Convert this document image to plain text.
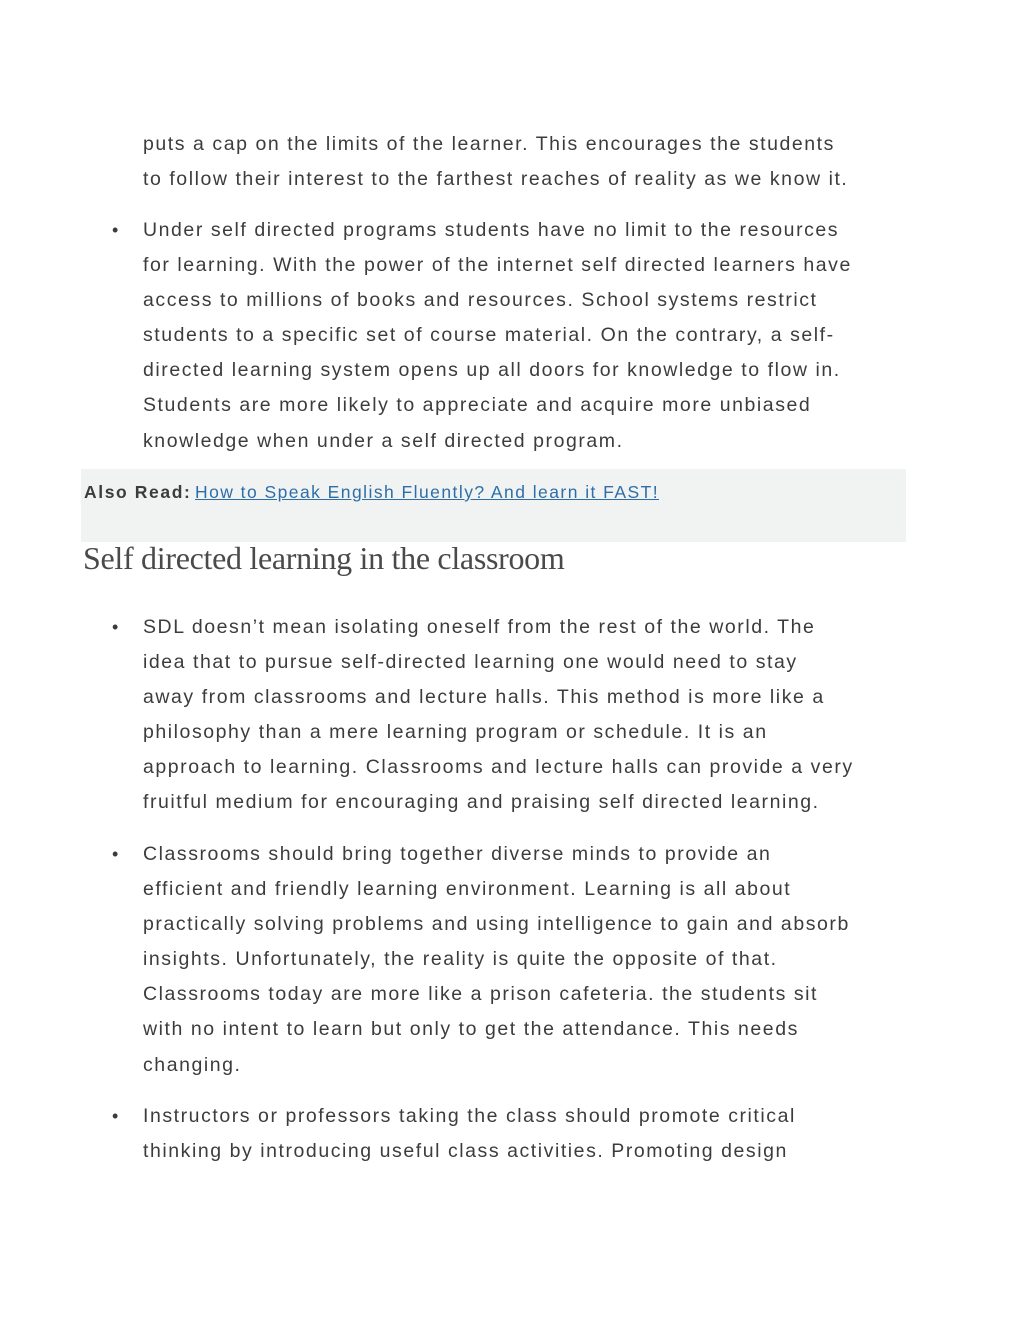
puts a cap on the limits of the learner. This encourages the students
to follow their interest to the farthest reaches of reality as we know it.
• Under self directed programs students have no limit to the resources
for learning. With the power of the internet self directed learners have
access to millions of books and resources. School systems restrict
students to a specific set of course material. On the contrary, a self-
directed learning system opens up all doors for knowledge to flow in.
Students are more likely to appreciate and acquire more unbiased
knowledge when under a self directed program.
Also Read: How to Speak English Fluently? And learn it FAST!
Self directed learning in the classroom
• SDL doesn’t mean isolating oneself from the rest of the world. The
idea that to pursue self-directed learning one would need to stay
away from classrooms and lecture halls. This method is more like a
philosophy than a mere learning program or schedule. It is an
approach to learning. Classrooms and lecture halls can provide a very
fruitful medium for encouraging and praising self directed learning.
• Classrooms should bring together diverse minds to provide an
efficient and friendly learning environment. Learning is all about
practically solving problems and using intelligence to gain and absorb
insights. Unfortunately, the reality is quite the opposite of that.
Classrooms today are more like a prison cafeteria. the students sit
with no intent to learn but only to get the attendance. This needs
changing.
• Instructors or professors taking the class should promote critical
thinking by introducing useful class activities. Promoting design
